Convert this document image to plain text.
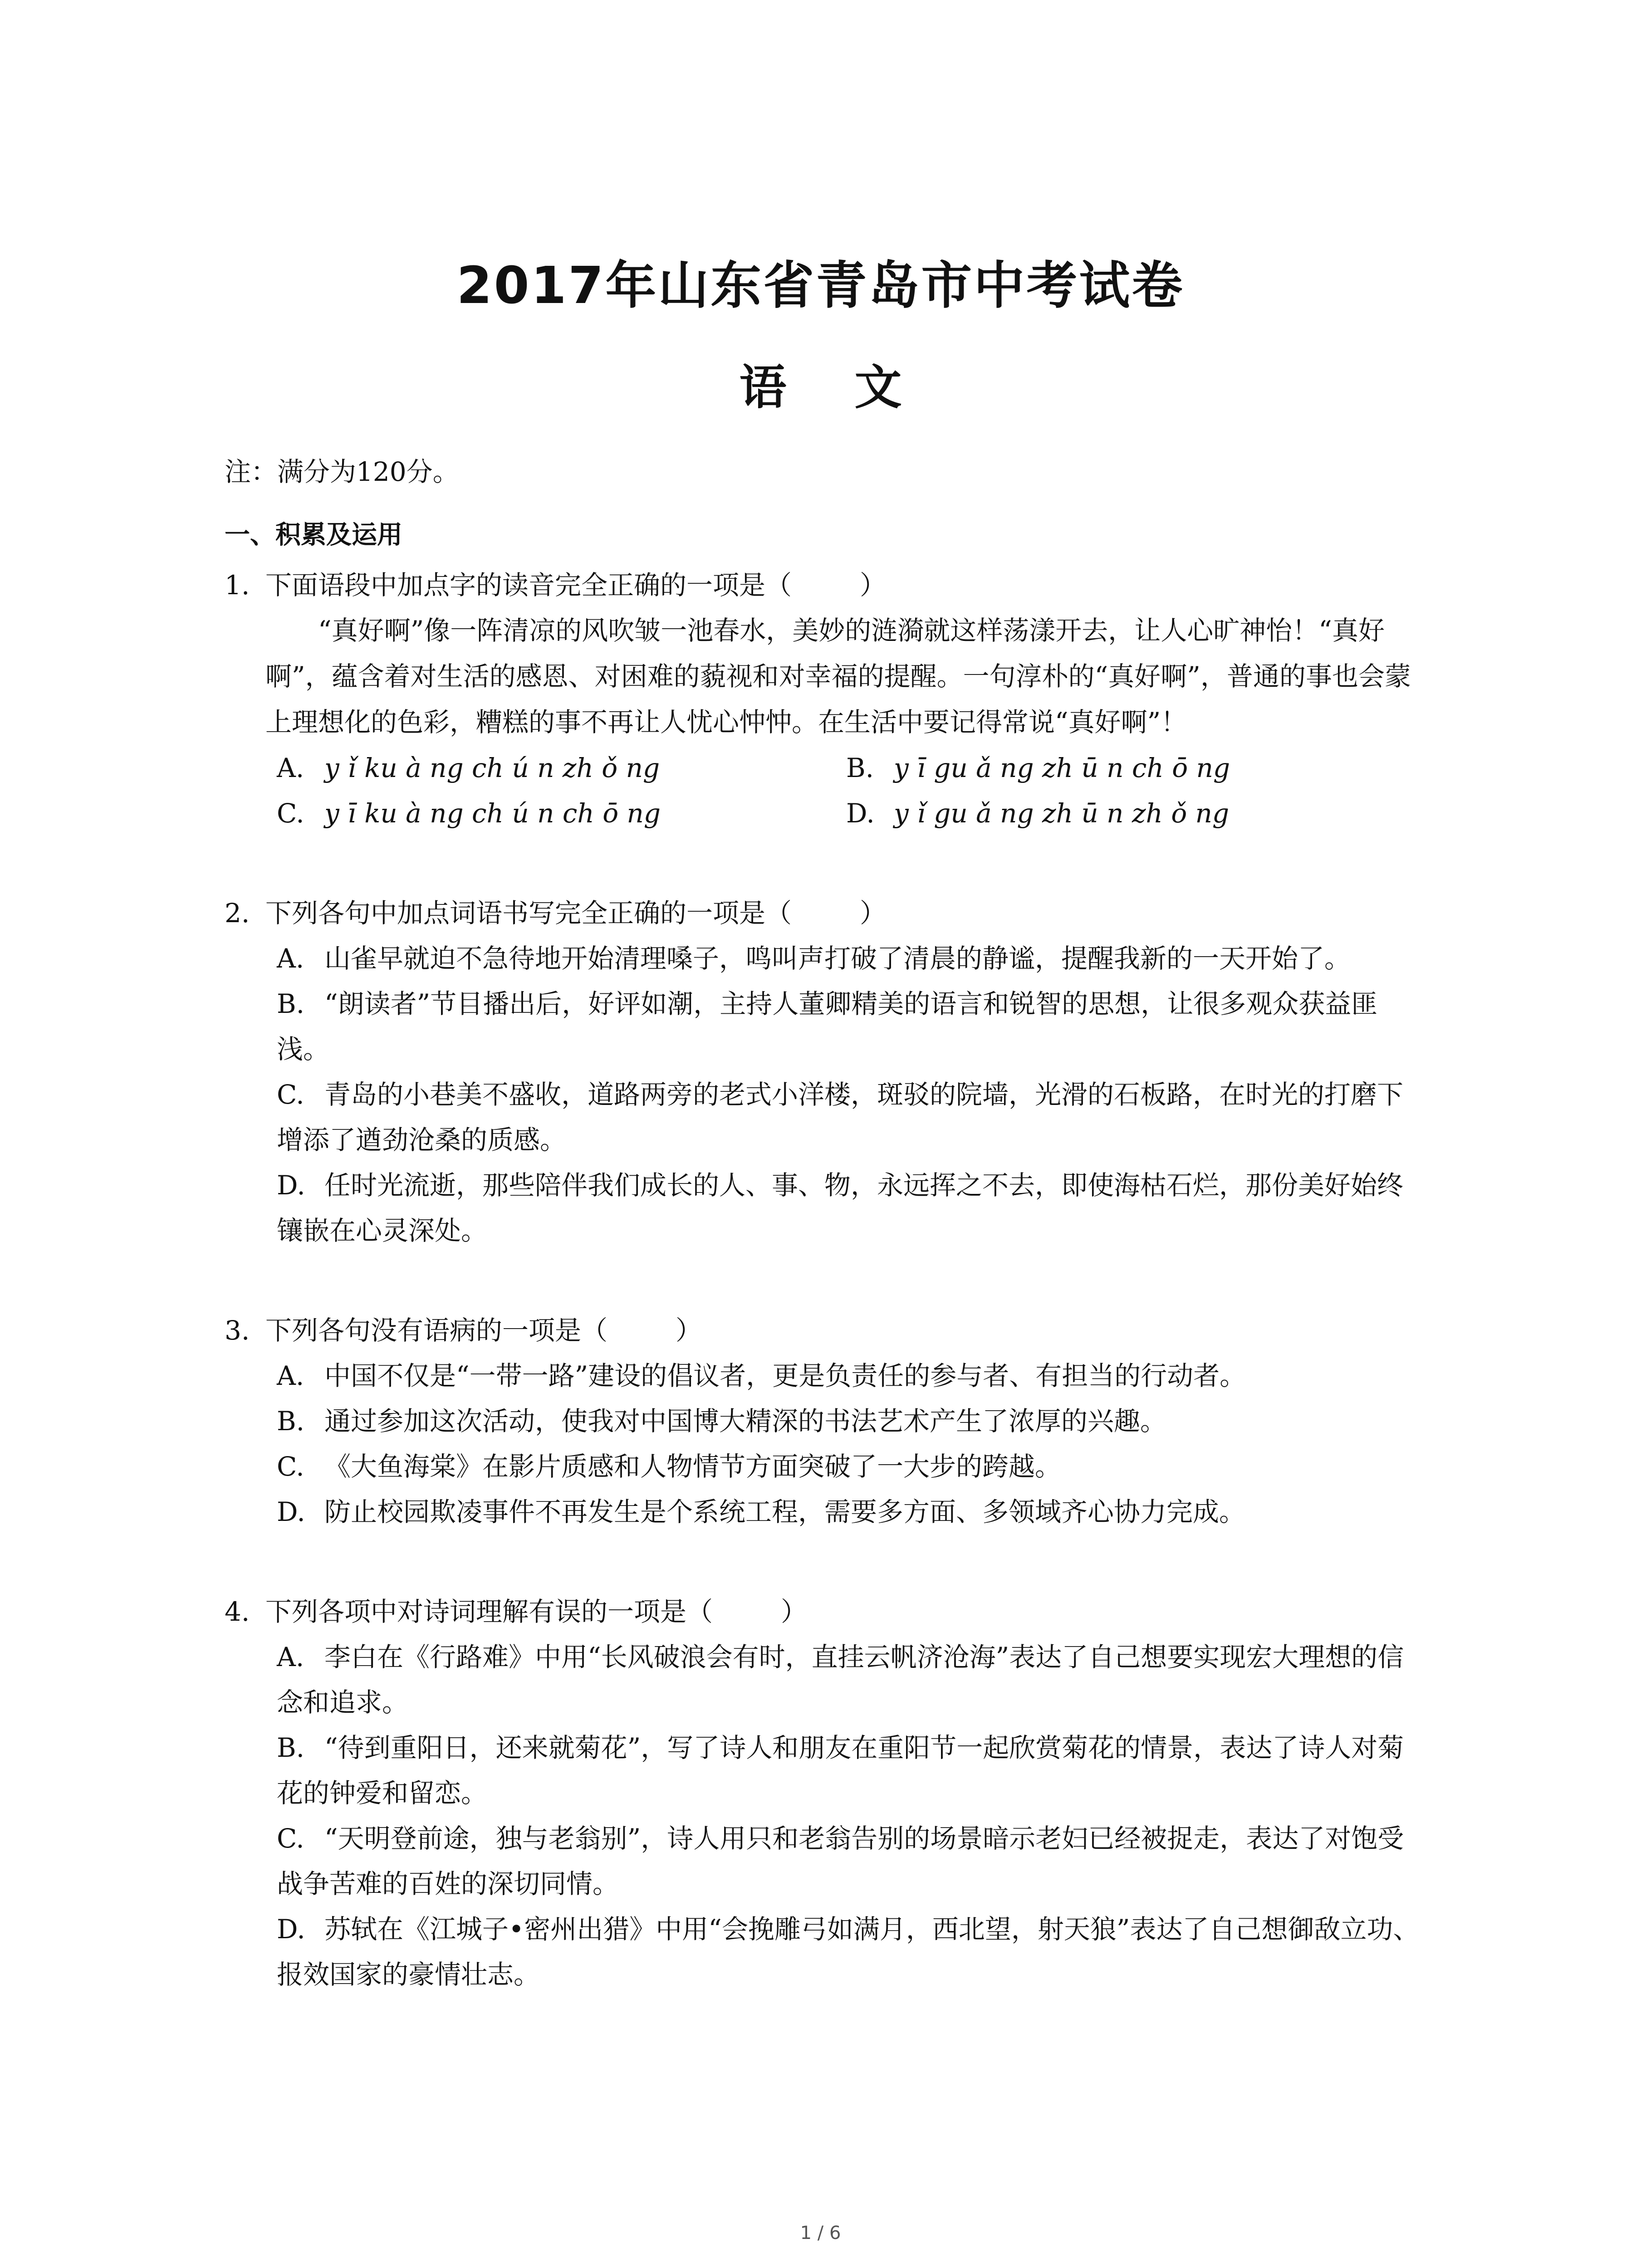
2017年山东省青岛市中考试卷
语文
注：满分为120分。
一、积累及运用
1. 下面语段中加点字的读音完全正确的一项是（	）
“真好啊”像一阵清凉的风吹皱一池春水，美妙的涟漪就这样荡漾开去，让人心旷神怡！“真好啊”，蕴含着对生活的感恩、对困难的藐视和对幸福的提醒。一句淳朴的“真好啊”，普通的事也会蒙上理想化的色彩，糟糕的事不再让人忧心忡忡。在生活中要记得常说“真好啊”！
A. y ǐ ku à ng ch ú n zh ǒ ng	B. y ī gu ǎ ng zh ū n ch ō ng
C. y ī ku à ng ch ú n ch ō ng	D. y ǐ gu ǎ ng zh ū n zh ǒ ng
2. 下列各句中加点词语书写完全正确的一项是（	）
A. 山雀早就迫不急待地开始清理嗓子，鸣叫声打破了清晨的静谧，提醒我新的一天开始了。
B. “朗读者”节目播出后，好评如潮，主持人董卿精美的语言和锐智的思想，让很多观众获益匪浅。
C. 青岛的小巷美不盛收，道路两旁的老式小洋楼，斑驳的院墙，光滑的石板路，在时光的打磨下增添了遒劲沧桑的质感。
D. 任时光流逝，那些陪伴我们成长的人、事、物，永远挥之不去，即使海枯石烂，那份美好始终镶嵌在心灵深处。
3. 下列各句没有语病的一项是（	）
A. 中国不仅是“一带一路”建设的倡议者，更是负责任的参与者、有担当的行动者。
B. 通过参加这次活动，使我对中国博大精深的书法艺术产生了浓厚的兴趣。
C. 《大鱼海棠》在影片质感和人物情节方面突破了一大步的跨越。
D. 防止校园欺凌事件不再发生是个系统工程，需要多方面、多领域齐心协力完成。
4. 下列各项中对诗词理解有误的一项是（	）
A. 李白在《行路难》中用“长风破浪会有时，直挂云帆济沧海”表达了自己想要实现宏大理想的信念和追求。
B. “待到重阳日，还来就菊花”，写了诗人和朋友在重阳节一起欣赏菊花的情景，表达了诗人对菊花的钟爱和留恋。
C. “天明登前途，独与老翁别”，诗人用只和老翁告别的场景暗示老妇已经被捉走，表达了对饱受战争苦难的百姓的深切同情。
D. 苏轼在《江城子•密州出猎》中用“会挽雕弓如满月，西北望，射天狼”表达了自己想御敌立功、报效国家的豪情壮志。
1 / 6
